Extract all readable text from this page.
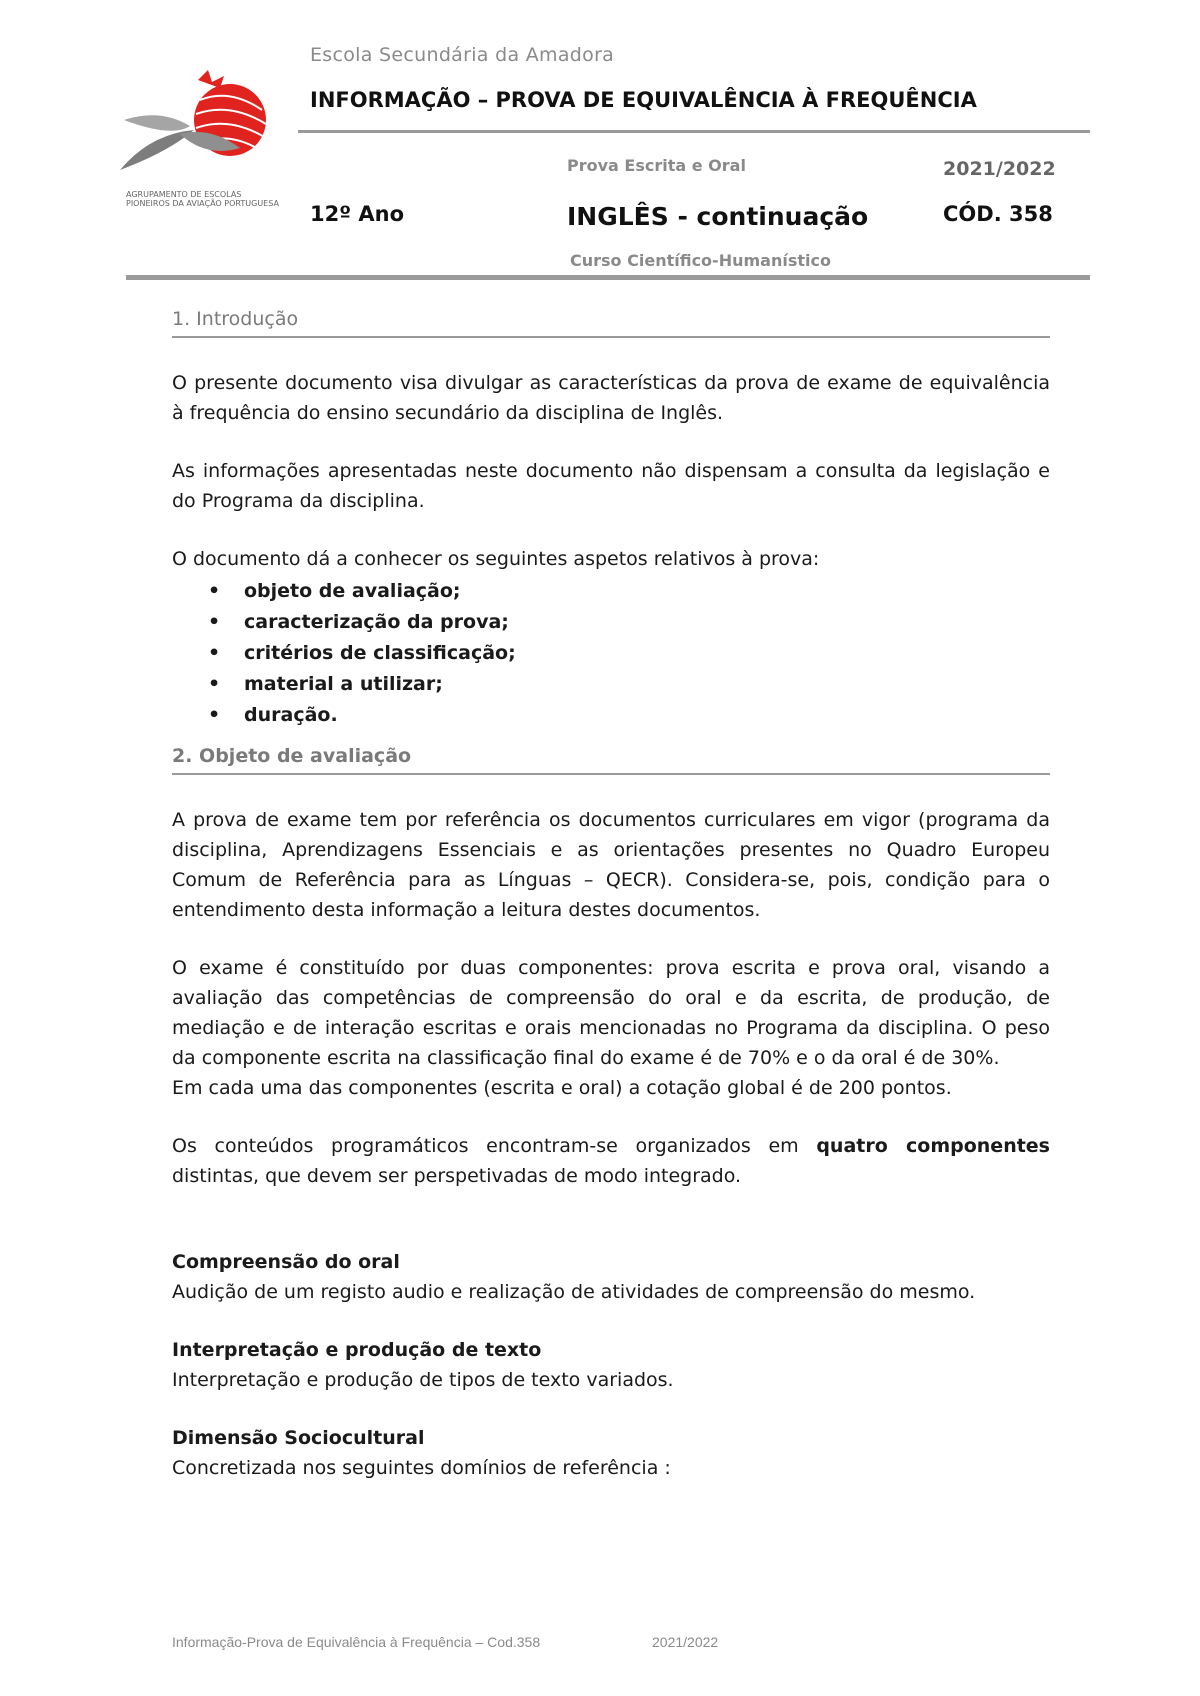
AGRUPAMENTO DE ESCOLAS
PIONEIROS DA AVIAÇÃO PORTUGUESA
Escola Secundária da Amadora
INFORMAÇÃO – PROVA DE EQUIVALÊNCIA À FREQUÊNCIA
Prova Escrita e Oral	2021/2022
12º Ano	INGLÊS - continuação	CÓD. 358
Curso Científico-Humanístico
1. Introdução

O presente documento visa divulgar as características da prova de exame de equivalência à frequência do ensino secundário da disciplina de Inglês.

As informações apresentadas neste documento não dispensam a consulta da legislação e do Programa da disciplina.

O documento dá a conhecer os seguintes aspetos relativos à prova:

• objeto de avaliação;
• caracterização da prova;
• critérios de classificação;
• material a utilizar;
• duração.
2. Objeto de avaliação

A prova de exame tem por referência os documentos curriculares em vigor (programa da disciplina, Aprendizagens Essenciais e as orientações presentes no Quadro Europeu Comum de Referência para as Línguas – QECR). Considera-se, pois, condição para o entendimento desta informação a leitura destes documentos.

O exame é constituído por duas componentes: prova escrita e prova oral, visando a avaliação das competências de compreensão do oral e da escrita, de produção, de mediação e de interação escritas e orais mencionadas no Programa da disciplina. O peso da componente escrita na classificação final do exame é de 70% e o da oral é de 30%.

Em cada uma das componentes (escrita e oral) a cotação global é de 200 pontos.

Os conteúdos programáticos encontram-se organizados em quatro componentes distintas, que devem ser perspetivadas de modo integrado.

Compreensão do oral
Audição de um registo audio e realização de atividades de compreensão do mesmo.
Interpretação e produção de texto
Interpretação e produção de tipos de texto variados.
Dimensão Sociocultural
Concretizada nos seguintes domínios de referência :
Informação-Prova de Equivalência à Frequência – Cod.358	2021/2022
